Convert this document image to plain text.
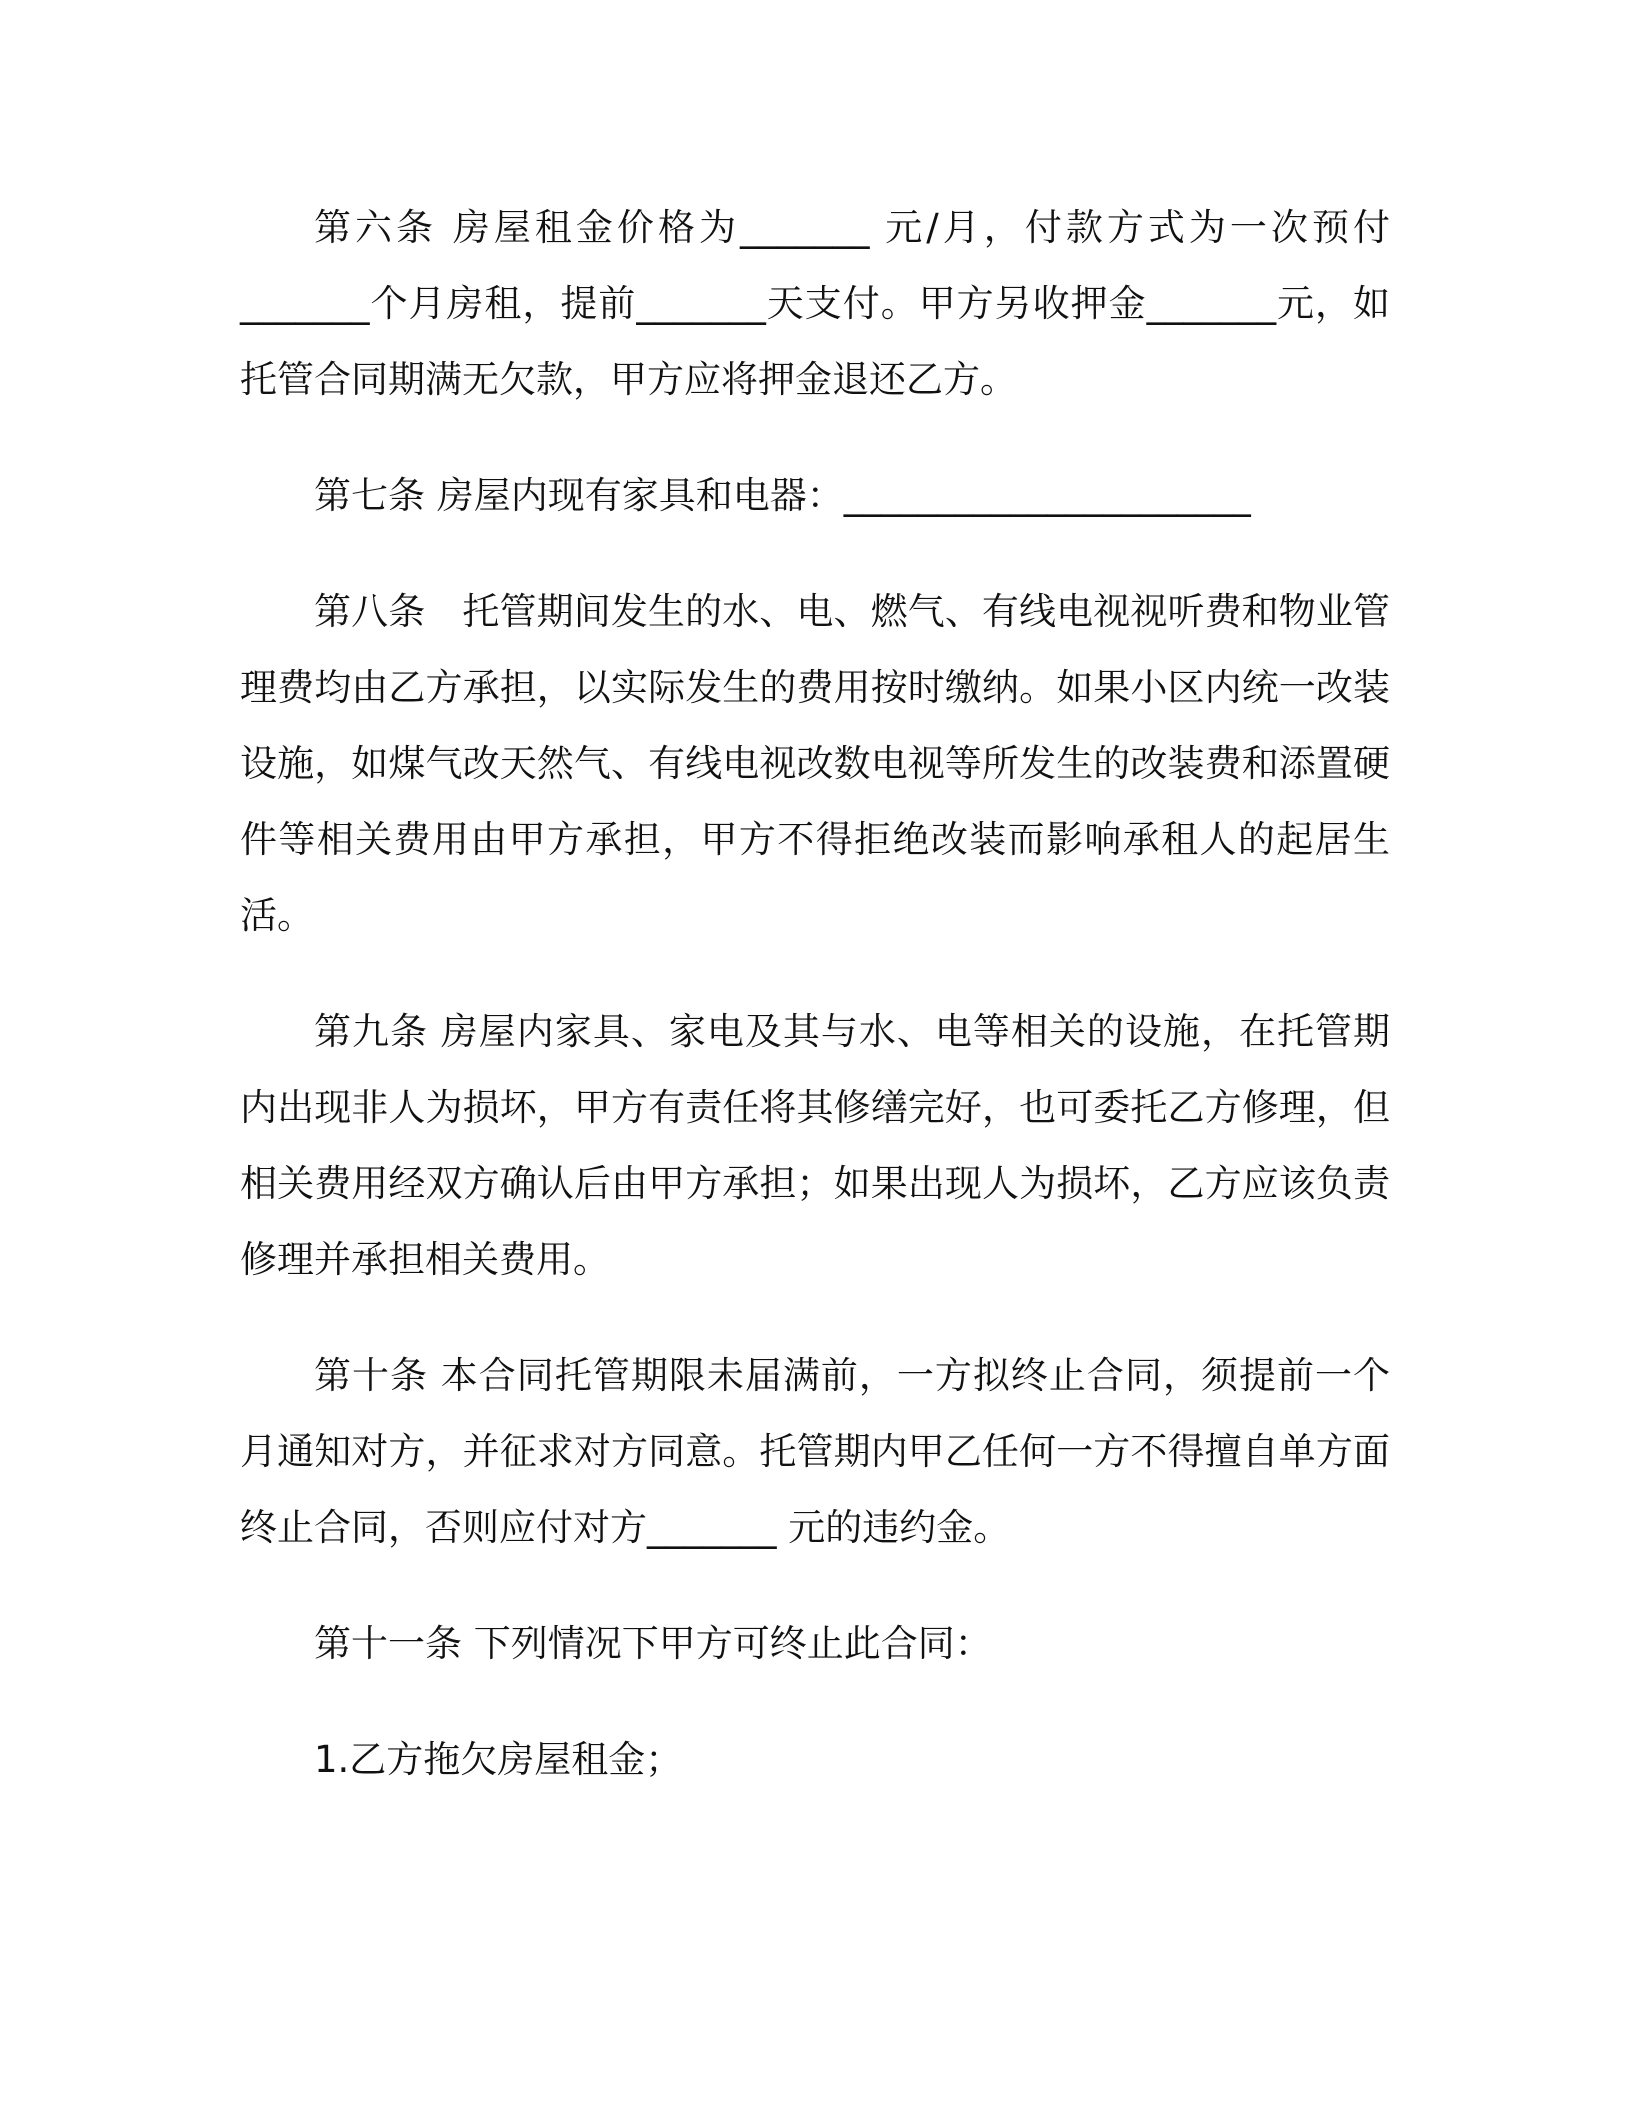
第六条 房屋租金价格为_______ 元/月，付款方式为一次预付_______个月房租，提前_______天支付。甲方另收押金_______元，如托管合同期满无欠款，甲方应将押金退还乙方。

第七条 房屋内现有家具和电器：______________________

第八条　托管期间发生的水、电、燃气、有线电视视听费和物业管理费均由乙方承担，以实际发生的费用按时缴纳。如果小区内统一改装设施，如煤气改天然气、有线电视改数电视等所发生的改装费和添置硬件等相关费用由甲方承担，甲方不得拒绝改装而影响承租人的起居生活。

第九条 房屋内家具、家电及其与水、电等相关的设施，在托管期内出现非人为损坏，甲方有责任将其修缮完好，也可委托乙方修理，但相关费用经双方确认后由甲方承担；如果出现人为损坏，乙方应该负责修理并承担相关费用。

第十条 本合同托管期限未届满前，一方拟终止合同，须提前一个月通知对方，并征求对方同意。托管期内甲乙任何一方不得擅自单方面终止合同，否则应付对方_______ 元的违约金。

第十一条 下列情况下甲方可终止此合同：

1.乙方拖欠房屋租金；
